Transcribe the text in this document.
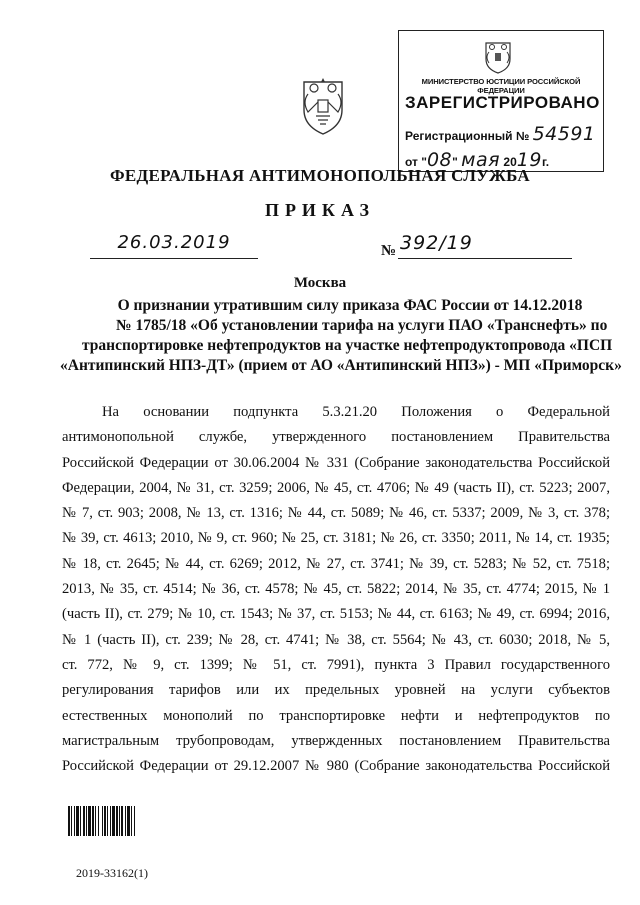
МИНИСТЕРСТВО ЮСТИЦИИ РОССИЙСКОЙ ФЕДЕРАЦИИ
ЗАРЕГИСТРИРОВАНО
Регистрационный № 54591
от "08" мая 2019г.
ФЕДЕРАЛЬНАЯ АНТИМОНОПОЛЬНАЯ СЛУЖБА
ПРИКАЗ
26.03.2019	№ 392/19
Москва
О признании утратившим силу приказа ФАС России от 14.12.2018
№ 1785/18 «Об установлении тарифа на услуги ПАО «Транснефть» по
транспортировке нефтепродуктов на участке нефтепродуктопровода «ПСП
«Антипинский НПЗ-ДТ» (прием от АО «Антипинский НПЗ») - МП «Приморск»
На основании подпункта 5.3.21.20 Положения о Федеральной
антимонопольной службе, утвержденного постановлением Правительства
Российской Федерации от 30.06.2004 № 331 (Собрание законодательства Российской
Федерации, 2004, № 31, ст. 3259; 2006, № 45, ст. 4706; № 49 (часть II), ст. 5223; 2007,
№ 7, ст. 903; 2008, № 13, ст. 1316; № 44, ст. 5089; № 46, ст. 5337; 2009, № 3, ст. 378;
№ 39, ст. 4613; 2010, № 9, ст. 960; № 25, ст. 3181; № 26, ст. 3350; 2011, № 14, ст. 1935;
№ 18, ст. 2645; № 44, ст. 6269; 2012, № 27, ст. 3741; № 39, ст. 5283; № 52, ст. 7518;
2013, № 35, ст. 4514; № 36, ст. 4578; № 45, ст. 5822; 2014, № 35, ст. 4774; 2015, № 1
(часть II), ст. 279; № 10, ст. 1543; № 37, ст. 5153; № 44, ст. 6163; № 49, ст. 6994; 2016,
№ 1 (часть II), ст. 239; № 28, ст. 4741; № 38, ст. 5564; № 43, ст. 6030; 2018, № 5,
ст. 772, № 9, ст. 1399; № 51, ст. 7991), пункта 3 Правил государственного
регулирования тарифов или их предельных уровней на услуги субъектов
естественных монополий по транспортировке нефти и нефтепродуктов по
магистральным трубопроводам, утвержденных постановлением Правительства
Российской Федерации от 29.12.2007 № 980 (Собрание законодательства Российской
2019-33162(1)
